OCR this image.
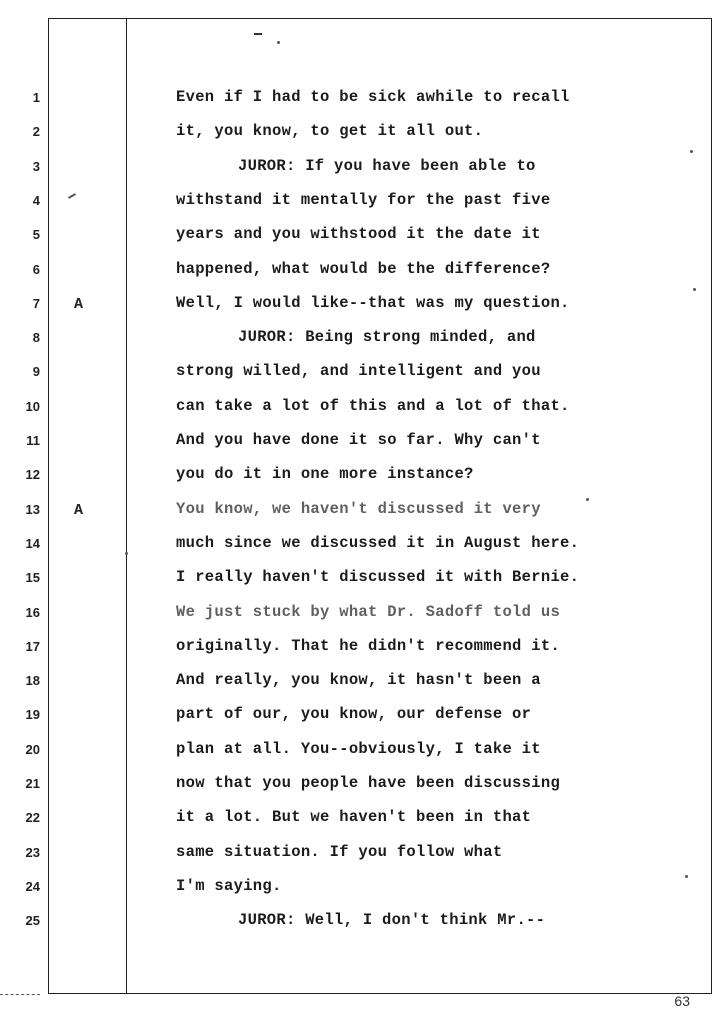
1	Even if I had to be sick awhile to recall
2	it, you know, to get it all out.
3	JUROR: If you have been able to
4	withstand it mentally for the past five
5	years and you withstood it the date it
6	happened, what would be the difference?
7 A	Well, I would like--that was my question.
8	JUROR: Being strong minded, and
9	strong willed, and intelligent and you
10	can take a lot of this and a lot of that.
11	And you have done it so far. Why can't
12	you do it in one more instance?
13 A	You know, we haven't discussed it very
14	much since we discussed it in August here.
15	I really haven't discussed it with Bernie.
16	We just stuck by what Dr. Sadoff told us
17	originally. That he didn't recommend it.
18	And really, you know, it hasn't been a
19	part of our, you know, our defense or
20	plan at all. You--obviously, I take it
21	now that you people have been discussing
22	it a lot. But we haven't been in that
23	same situation. If you follow what
24	I'm saying.
25	JUROR: Well, I don't think Mr.--
63
